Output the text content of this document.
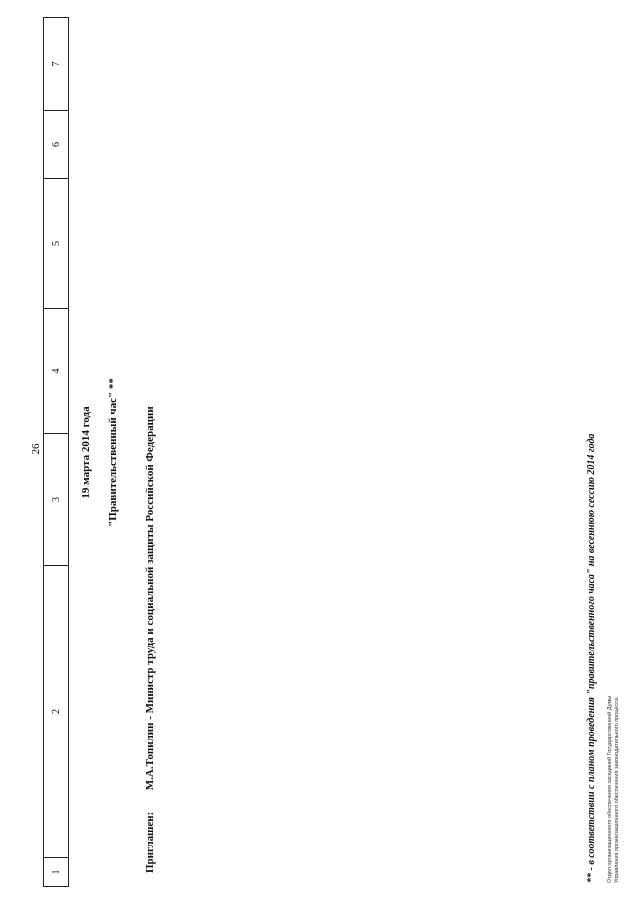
26
1
2
3
4
5
6
7
19 марта 2014 года "Правительственный час" **
Приглашен: М.А.Топилин - Министр труда и социальной защиты Российской Федерации	** - в соответствии с планом проведения "правительственного часа" на весеннюю сессию 2014 года Отдел организационного обеспечения заседаний Государственной Думы Управления организационного обеспечения законодательного процесса
